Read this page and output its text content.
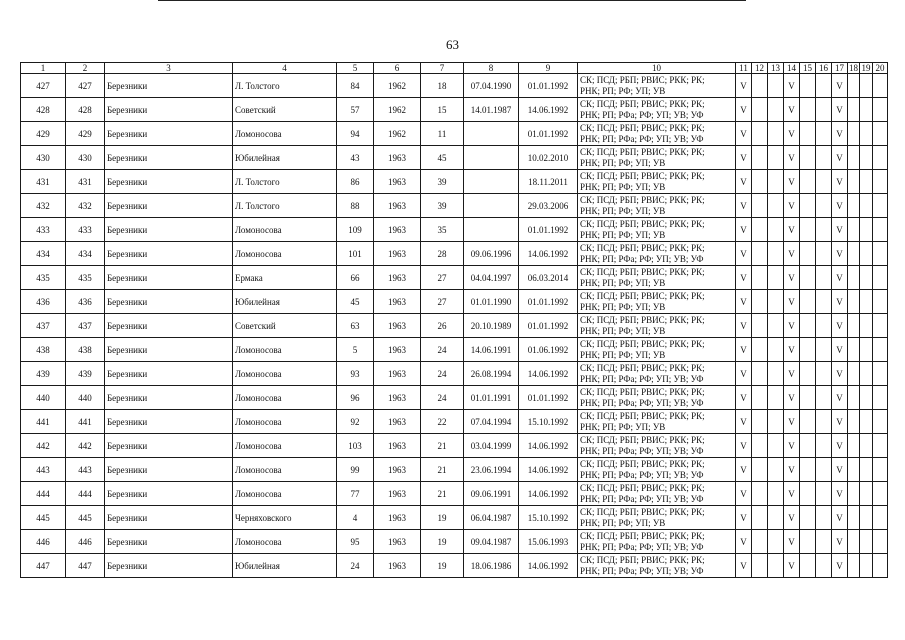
63
1	2	3	4	5	6	7	8	9	10	11	12	13	14	15	16	17	18	19	20
427	427	Березники	Л. Толстого	84	1962	18	07.04.1990	01.01.1992	СК; ПСД; РБП; РВИС; РКК; РК;
РНК; РП; РФ; УП; УВ	V			V			V			
428	428	Березники	Советский	57	1962	15	14.01.1987	14.06.1992	СК; ПСД; РБП; РВИС; РКК; РК;
РНК; РП; РФа; РФ; УП; УВ; УФ	V			V			V			
429	429	Березники	Ломоносова	94	1962	11		01.01.1992	СК; ПСД; РБП; РВИС; РКК; РК;
РНК; РП; РФа; РФ; УП; УВ; УФ	V			V			V			
430	430	Березники	Юбилейная	43	1963	45		10.02.2010	СК; ПСД; РБП; РВИС; РКК; РК;
РНК; РП; РФ; УП; УВ	V			V			V			
431	431	Березники	Л. Толстого	86	1963	39		18.11.2011	СК; ПСД; РБП; РВИС; РКК; РК;
РНК; РП; РФ; УП; УВ	V			V			V			
432	432	Березники	Л. Толстого	88	1963	39		29.03.2006	СК; ПСД; РБП; РВИС; РКК; РК;
РНК; РП; РФ; УП; УВ	V			V			V			
433	433	Березники	Ломоносова	109	1963	35		01.01.1992	СК; ПСД; РБП; РВИС; РКК; РК;
РНК; РП; РФ; УП; УВ	V			V			V			
434	434	Березники	Ломоносова	101	1963	28	09.06.1996	14.06.1992	СК; ПСД; РБП; РВИС; РКК; РК;
РНК; РП; РФа; РФ; УП; УВ; УФ	V			V			V			
435	435	Березники	Ермака	66	1963	27	04.04.1997	06.03.2014	СК; ПСД; РБП; РВИС; РКК; РК;
РНК; РП; РФ; УП; УВ	V			V			V			
436	436	Березники	Юбилейная	45	1963	27	01.01.1990	01.01.1992	СК; ПСД; РБП; РВИС; РКК; РК;
РНК; РП; РФ; УП; УВ	V			V			V			
437	437	Березники	Советский	63	1963	26	20.10.1989	01.01.1992	СК; ПСД; РБП; РВИС; РКК; РК;
РНК; РП; РФ; УП; УВ	V			V			V			
438	438	Березники	Ломоносова	5	1963	24	14.06.1991	01.06.1992	СК; ПСД; РБП; РВИС; РКК; РК;
РНК; РП; РФ; УП; УВ	V			V			V			
439	439	Березники	Ломоносова	93	1963	24	26.08.1994	14.06.1992	СК; ПСД; РБП; РВИС; РКК; РК;
РНК; РП; РФа; РФ; УП; УВ; УФ	V			V			V			
440	440	Березники	Ломоносова	96	1963	24	01.01.1991	01.01.1992	СК; ПСД; РБП; РВИС; РКК; РК;
РНК; РП; РФа; РФ; УП; УВ; УФ	V			V			V			
441	441	Березники	Ломоносова	92	1963	22	07.04.1994	15.10.1992	СК; ПСД; РБП; РВИС; РКК; РК;
РНК; РП; РФ; УП; УВ	V			V			V			
442	442	Березники	Ломоносова	103	1963	21	03.04.1999	14.06.1992	СК; ПСД; РБП; РВИС; РКК; РК;
РНК; РП; РФа; РФ; УП; УВ; УФ	V			V			V			
443	443	Березники	Ломоносова	99	1963	21	23.06.1994	14.06.1992	СК; ПСД; РБП; РВИС; РКК; РК;
РНК; РП; РФа; РФ; УП; УВ; УФ	V			V			V			
444	444	Березники	Ломоносова	77	1963	21	09.06.1991	14.06.1992	СК; ПСД; РБП; РВИС; РКК; РК;
РНК; РП; РФа; РФ; УП; УВ; УФ	V			V			V			
445	445	Березники	Черняховского	4	1963	19	06.04.1987	15.10.1992	СК; ПСД; РБП; РВИС; РКК; РК;
РНК; РП; РФ; УП; УВ	V			V			V			
446	446	Березники	Ломоносова	95	1963	19	09.04.1987	15.06.1993	СК; ПСД; РБП; РВИС; РКК; РК;
РНК; РП; РФа; РФ; УП; УВ; УФ	V			V			V			
447	447	Березники	Юбилейная	24	1963	19	18.06.1986	14.06.1992	СК; ПСД; РБП; РВИС; РКК; РК;
РНК; РП; РФа; РФ; УП; УВ; УФ	V			V			V			
